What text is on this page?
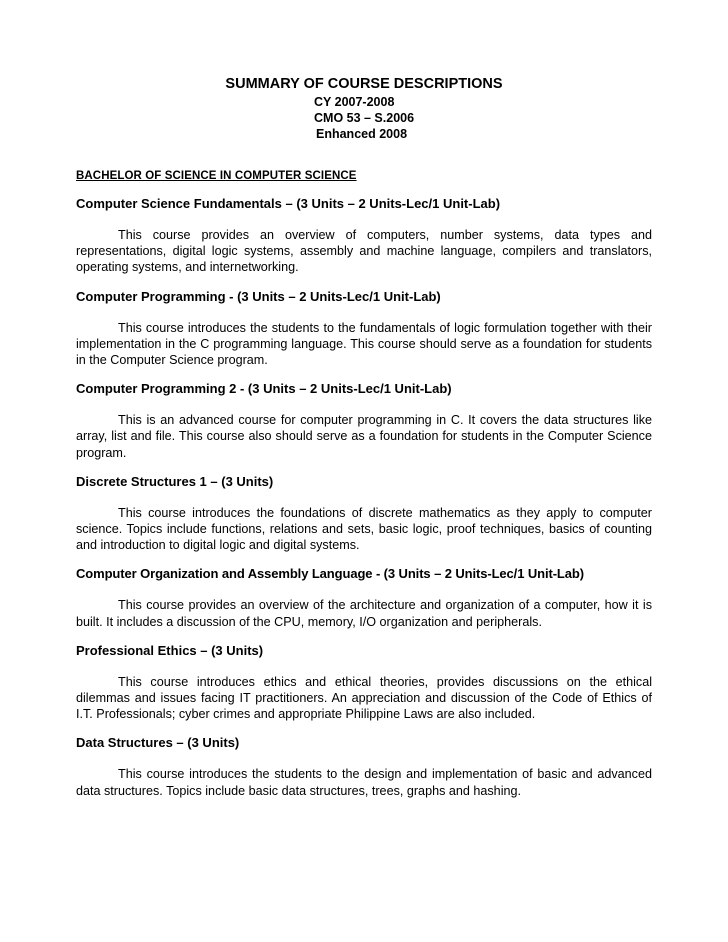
SUMMARY OF COURSE DESCRIPTIONS
CY 2007-2008
CMO 53 – S.2006
Enhanced 2008
BACHELOR OF SCIENCE IN COMPUTER SCIENCE

Computer Science Fundamentals – (3 Units – 2 Units-Lec/1 Unit-Lab)

This course provides an overview of computers, number systems, data types and representations, digital logic systems, assembly and machine language, compilers and translators, operating systems, and internetworking.

Computer Programming - (3 Units – 2 Units-Lec/1 Unit-Lab)

This course introduces the students to the fundamentals of logic formulation together with their implementation in the C programming language. This course should serve as a foundation for students in the Computer Science program.

Computer Programming 2 - (3 Units – 2 Units-Lec/1 Unit-Lab)

This is an advanced course for computer programming in C. It covers the data structures like array, list and file. This course also should serve as a foundation for students in the Computer Science program.

Discrete Structures 1 – (3 Units)

This course introduces the foundations of discrete mathematics as they apply to computer science. Topics include functions, relations and sets, basic logic, proof techniques, basics of counting and introduction to digital logic and digital systems.

Computer Organization and Assembly Language - (3 Units – 2 Units-Lec/1 Unit-Lab)

This course provides an overview of the architecture and organization of a computer, how it is built. It includes a discussion of the CPU, memory, I/O organization and peripherals.

Professional Ethics – (3 Units)

This course introduces ethics and ethical theories, provides discussions on the ethical dilemmas and issues facing IT practitioners. An appreciation and discussion of the Code of Ethics of I.T. Professionals; cyber crimes and appropriate Philippine Laws are also included.

Data Structures – (3 Units)

This course introduces the students to the design and implementation of basic and advanced data structures. Topics include basic data structures, trees, graphs and hashing.
